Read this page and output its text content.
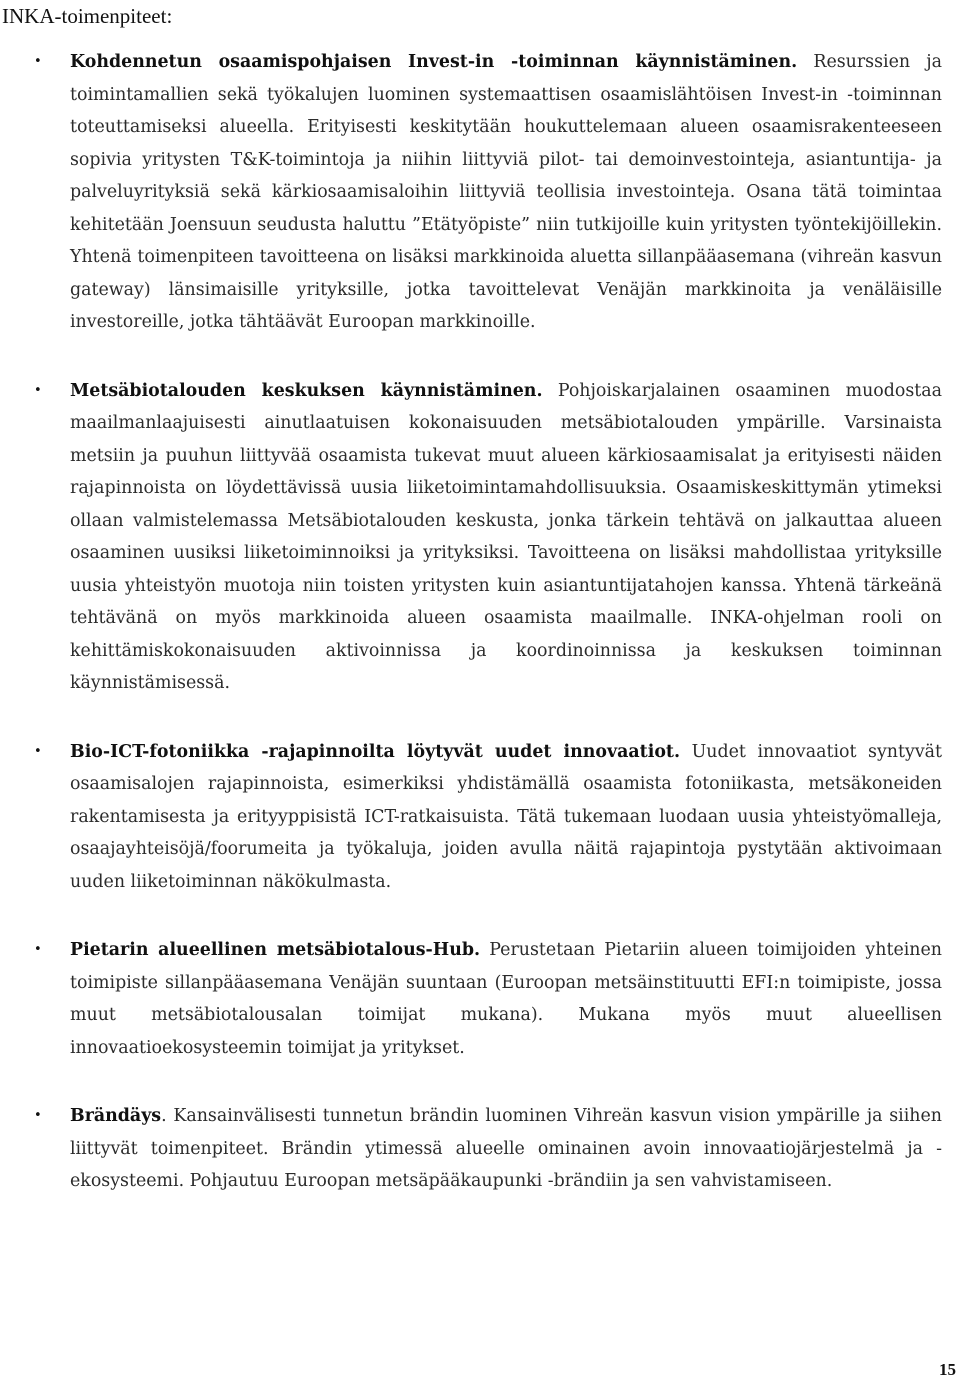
INKA-toimenpiteet:
• Kohdennetun osaamispohjaisen Invest-in -toiminnan käynnistäminen. Resurssien ja toimintamallien sekä työkalujen luominen systemaattisen osaamislähtöisen Invest-in -toiminnan toteuttamiseksi alueella. Erityisesti keskitytään houkuttelemaan alueen osaamisrakenteeseen sopivia yritysten T&K-toimintoja ja niihin liittyviä pilot- tai demoinvestointeja, asiantuntija- ja palveluyrityksiä sekä kärkiosaamisaloihin liittyviä teollisia investointeja. Osana tätä toimintaa kehitetään Joensuun seudusta haluttu ”Etätyöpiste” niin tutkijoille kuin yritysten työntekijöillekin. Yhtenä toimenpiteen tavoitteena on lisäksi markkinoida aluetta sillanpääasemana (vihreän kasvun gateway) länsimaisille yrityksille, jotka tavoittelevat Venäjän markkinoita ja venäläisille investoreille, jotka tähtäävät Euroopan markkinoille.
• Metsäbiotalouden keskuksen käynnistäminen. Pohjoiskarjalainen osaaminen muodostaa maailmanlaajuisesti ainutlaatuisen kokonaisuuden metsäbiotalouden ympärille. Varsinaista metsiin ja puuhun liittyvää osaamista tukevat muut alueen kärkiosaamisalat ja erityisesti näiden rajapinnoista on löydettävissä uusia liiketoimintamahdollisuuksia. Osaamiskeskittymän ytimeksi ollaan valmistelemassa Metsäbiotalouden keskusta, jonka tärkein tehtävä on jalkauttaa alueen osaaminen uusiksi liiketoiminnoiksi ja yrityksiksi. Tavoitteena on lisäksi mahdollistaa yrityksille uusia yhteistyön muotoja niin toisten yritysten kuin asiantuntijatahojen kanssa. Yhtenä tärkeänä tehtävänä on myös markkinoida alueen osaamista maailmalle. INKA-ohjelman rooli on kehittämiskokonaisuuden aktivoinnissa ja koordinoinnissa ja keskuksen toiminnan käynnistämisessä.
• Bio-ICT-fotoniikka -rajapinnoilta löytyvät uudet innovaatiot. Uudet innovaatiot syntyvät osaamisalojen rajapinnoista, esimerkiksi yhdistämällä osaamista fotoniikasta, metsäkoneiden rakentamisesta ja erityyppisistä ICT-ratkaisuista. Tätä tukemaan luodaan uusia yhteistyömalleja, osaajayhteisöjä/foorumeita ja työkaluja, joiden avulla näitä rajapintoja pystytään aktivoimaan uuden liiketoiminnan näkökulmasta.
• Pietarin alueellinen metsäbiotalous-Hub. Perustetaan Pietariin alueen toimijoiden yhteinen toimipiste sillanpääasemana Venäjän suuntaan (Euroopan metsäinstituutti EFI:n toimipiste, jossa muut metsäbiotalousalan toimijat mukana). Mukana myös muut alueellisen innovaatioekosysteemin toimijat ja yritykset.
• Brändäys. Kansainvälisesti tunnetun brändin luominen Vihreän kasvun vision ympärille ja siihen liittyvät toimenpiteet. Brändin ytimessä alueelle ominainen avoin innovaatiojärjestelmä ja -ekosysteemi. Pohjautuu Euroopan metsäpääkaupunki -brändiin ja sen vahvistamiseen.
15
